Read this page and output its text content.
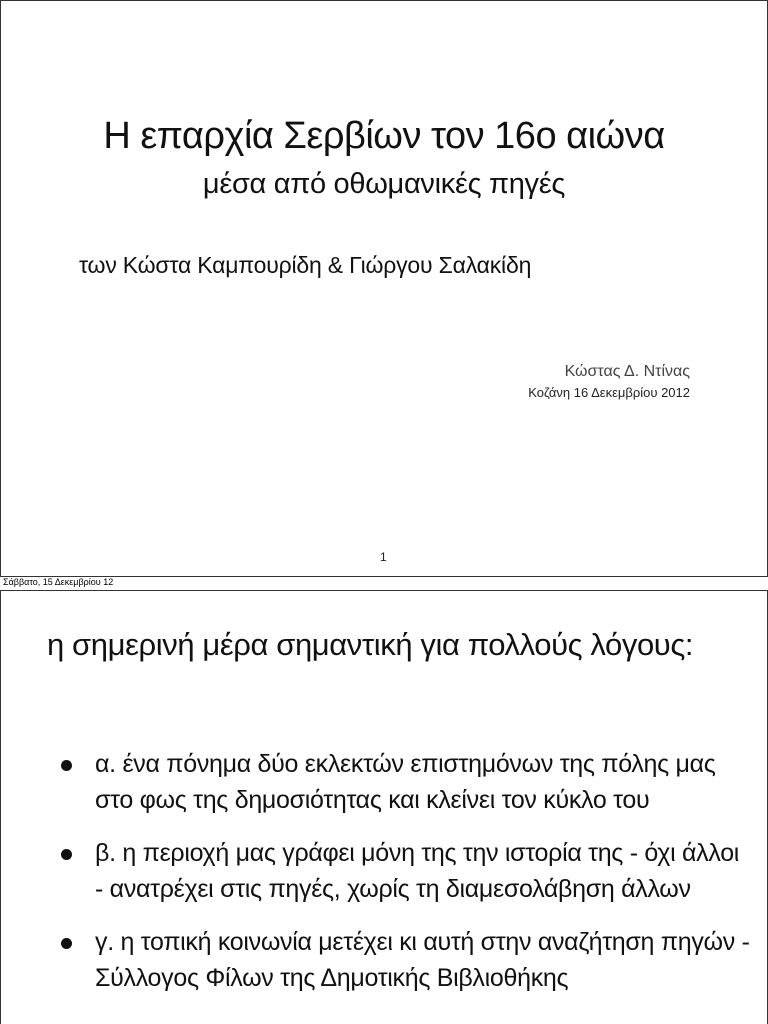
Η επαρχία Σερβίων τον 16ο αιώνα
μέσα από οθωμανικές πηγές
των Κώστα Καμπουρίδη & Γιώργου Σαλακίδη
Κώστας Δ. Ντίνας
Κοζάνη 16 Δεκεμβρίου 2012
1
Σάββατο, 15 Δεκεμβρίου 12
η σημερινή μέρα σημαντική για πολλούς λόγους:
α. ένα πόνημα δύο εκλεκτών επιστημόνων της πόλης μας στο φως της δημοσιότητας και κλείνει τον κύκλο του
β. η περιοχή μας γράφει μόνη της την ιστορία της - όχι άλλοι - ανατρέχει στις πηγές, χωρίς τη διαμεσολάβηση άλλων
γ. η τοπική κοινωνία μετέχει κι αυτή στην αναζήτηση πηγών - Σύλλογος Φίλων της Δημοτικής Βιβλιοθήκης
